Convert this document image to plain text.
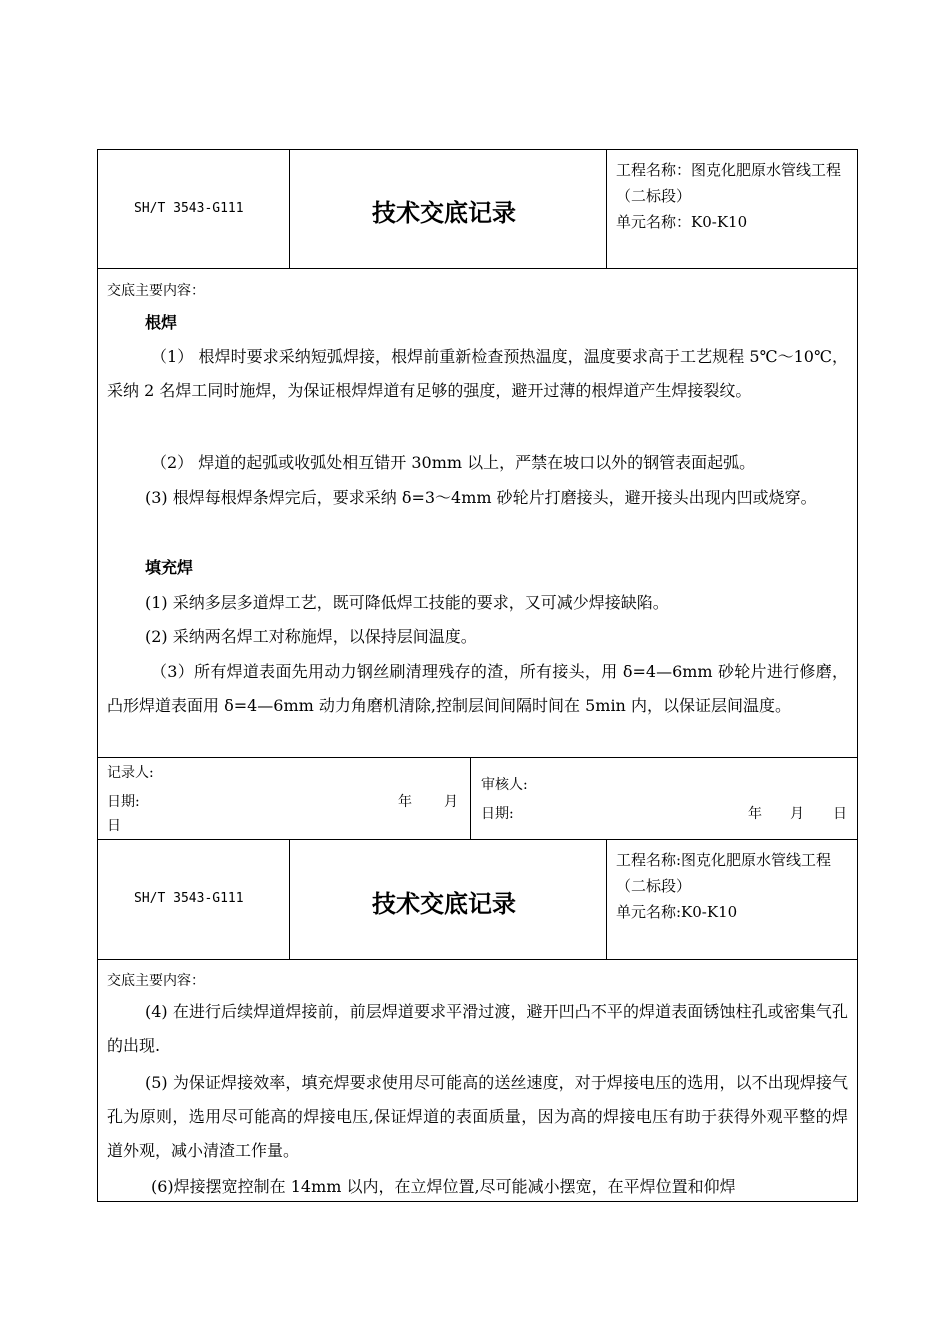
SH/T 3543-G111	技术交底记录

工程名称：图克化肥原水管线工程（二标段）

单元名称：K0-K10

交底主要内容：
根焊
（1） 根焊时要求采纳短弧焊接，根焊前重新检查预热温度，温度要求高于工艺规程 5℃～10℃，采纳 2 名焊工同时施焊，为保证根焊焊道有足够的强度，避开过薄的根焊道产生焊接裂纹。
（2） 焊道的起弧或收弧处相互错开 30mm 以上，严禁在坡口以外的钢管表面起弧。
(3) 根焊每根焊条焊完后，要求采纳 δ=3～4mm 砂轮片打磨接头，避开接头出现内凹或烧穿。
填充焊
(1) 采纳多层多道焊工艺，既可降低焊工技能的要求，又可减少焊接缺陷。
(2) 采纳两名焊工对称施焊，以保持层间温度。
（3）所有焊道表面先用动力钢丝刷清理残存的渣，所有接头，用 δ=4—6mm 砂轮片进行修磨，凸形焊道表面用 δ=4—6mm 动力角磨机清除,控制层间间隔时间在 5min 内，以保证层间温度。
记录人:
日期:	年 月
日
审核人:
日期:	年 月 日
SH/T 3543-G111	技术交底记录

工程名称:图克化肥原水管线工程（二标段）

单元名称:K0-K10

交底主要内容：
(4) 在进行后续焊道焊接前，前层焊道要求平滑过渡，避开凹凸不平的焊道表面锈蚀柱孔或密集气孔的出现.
(5) 为保证焊接效率，填充焊要求使用尽可能高的送丝速度，对于焊接电压的选用，以不出现焊接气孔为原则，选用尽可能高的焊接电压,保证焊道的表面质量，因为高的焊接电压有助于获得外观平整的焊道外观，减小清渣工作量。
(6)焊接摆宽控制在 14mm 以内，在立焊位置,尽可能减小摆宽，在平焊位置和仰焊
